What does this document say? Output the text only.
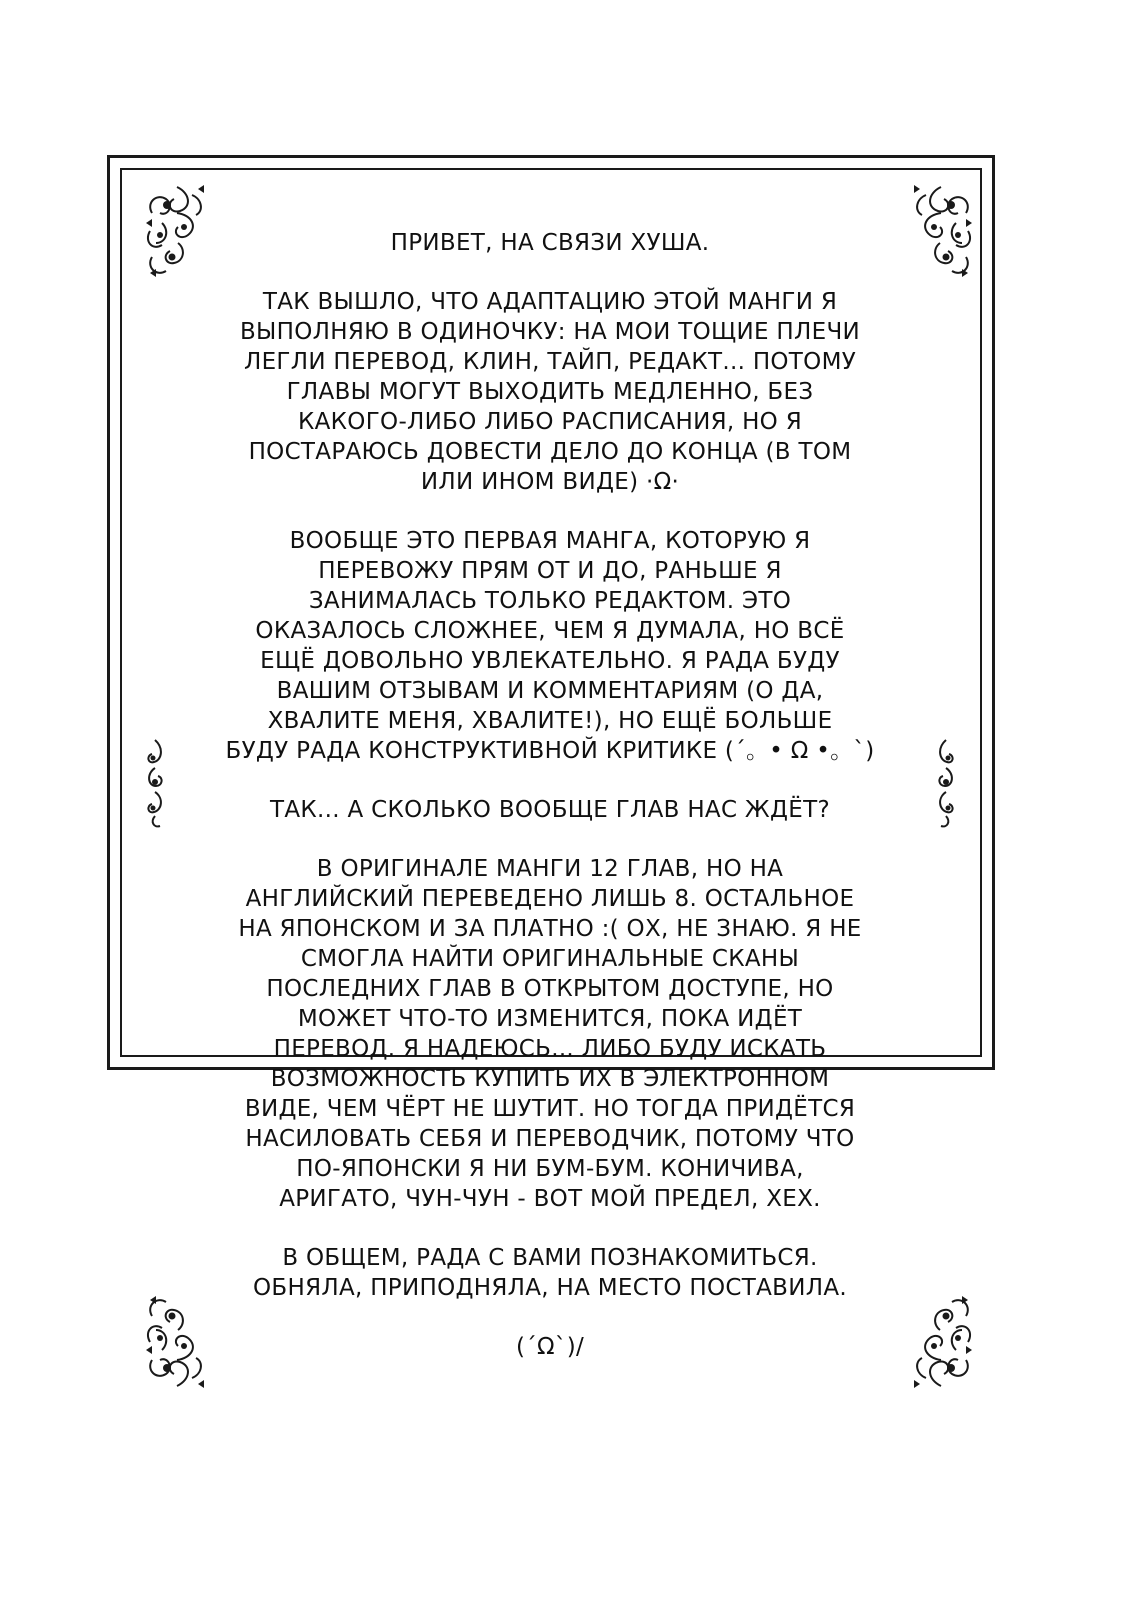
ПРИВЕТ, НА СВЯЗИ ХУША.

ТАК ВЫШЛО, ЧТО АДАПТАЦИЮ ЭТОЙ МАНГИ Я
ВЫПОЛНЯЮ В ОДИНОЧКУ: НА МОИ ТОЩИЕ ПЛЕЧИ
ЛЕГЛИ ПЕРЕВОД, КЛИН, ТАЙП, РЕДАКТ... ПОТОМУ
ГЛАВЫ МОГУТ ВЫХОДИТЬ МЕДЛЕННО, БЕЗ
КАКОГО-ЛИБО ЛИБО РАСПИСАНИЯ, НО Я
ПОСТАРАЮСЬ ДОВЕСТИ ДЕЛО ДО КОНЦА (В ТОМ
ИЛИ ИНОМ ВИДЕ) ·Ω·

ВООБЩЕ ЭТО ПЕРВАЯ МАНГА, КОТОРУЮ Я
ПЕРЕВОЖУ ПРЯМ ОТ И ДО, РАНЬШЕ Я
ЗАНИМАЛАСЬ ТОЛЬКО РЕДАКТОМ. ЭТО
ОКАЗАЛОСЬ СЛОЖНЕЕ, ЧЕМ Я ДУМАЛА, НО ВСЁ
ЕЩЁ ДОВОЛЬНО УВЛЕКАТЕЛЬНО. Я РАДА БУДУ
ВАШИМ ОТЗЫВАМ И КОММЕНТАРИЯМ (О ДА,
ХВАЛИТЕ МЕНЯ, ХВАЛИТЕ!), НО ЕЩЁ БОЛЬШЕ
БУДУ РАДА КОНСТРУКТИВНОЙ КРИТИКЕ (´。• Ω •。`)

ТАК... А СКОЛЬКО ВООБЩЕ ГЛАВ НАС ЖДЁТ?

В ОРИГИНАЛЕ МАНГИ 12 ГЛАВ, НО НА
АНГЛИЙСКИЙ ПЕРЕВЕДЕНО ЛИШЬ 8. ОСТАЛЬНОЕ
НА ЯПОНСКОМ И ЗА ПЛАТНО :( ОХ, НЕ ЗНАЮ. Я НЕ
СМОГЛА НАЙТИ ОРИГИНАЛЬНЫЕ СКАНЫ
ПОСЛЕДНИХ ГЛАВ В ОТКРЫТОМ ДОСТУПЕ, НО
МОЖЕТ ЧТО-ТО ИЗМЕНИТСЯ, ПОКА ИДЁТ
ПЕРЕВОД. Я НАДЕЮСЬ... ЛИБО БУДУ ИСКАТЬ
ВОЗМОЖНОСТЬ КУПИТЬ ИХ В ЭЛЕКТРОННОМ
ВИДЕ, ЧЕМ ЧЁРТ НЕ ШУТИТ. НО ТОГДА ПРИДЁТСЯ
НАСИЛОВАТЬ СЕБЯ И ПЕРЕВОДЧИК, ПОТОМУ ЧТО
ПО-ЯПОНСКИ Я НИ БУМ-БУМ. КОНИЧИВА,
АРИГАТО, ЧУН-ЧУН - ВОТ МОЙ ПРЕДЕЛ, ХЕХ.

В ОБЩЕМ, РАДА С ВАМИ ПОЗНАКОМИТЬСЯ.
ОБНЯЛА, ПРИПОДНЯЛА, НА МЕСТО ПОСТАВИЛА.

(´Ω`)/
